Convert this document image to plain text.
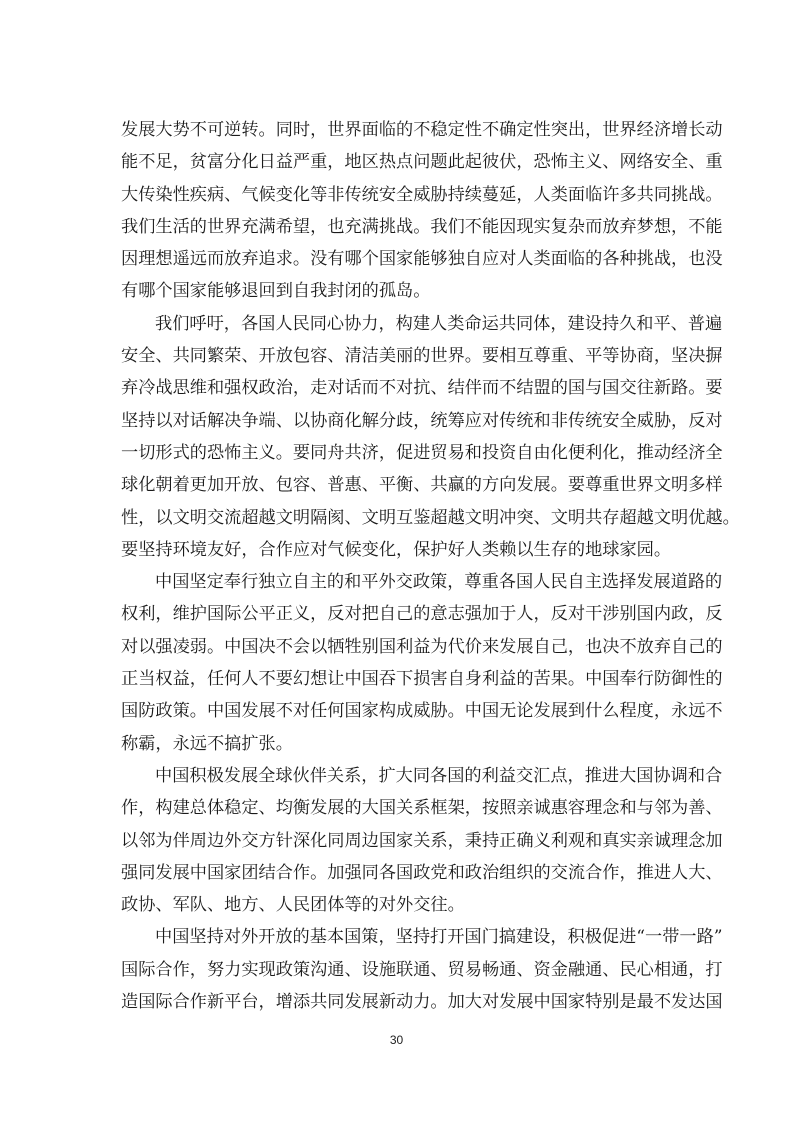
发展大势不可逆转。同时，世界面临的不稳定性不确定性突出，世界经济增长动
能不足，贫富分化日益严重，地区热点问题此起彼伏，恐怖主义、网络安全、重
大传染性疾病、气候变化等非传统安全威胁持续蔓延，人类面临许多共同挑战。
我们生活的世界充满希望，也充满挑战。我们不能因现实复杂而放弃梦想，不能
因理想遥远而放弃追求。没有哪个国家能够独自应对人类面临的各种挑战，也没
有哪个国家能够退回到自我封闭的孤岛。
我们呼吁，各国人民同心协力，构建人类命运共同体，建设持久和平、普遍
安全、共同繁荣、开放包容、清洁美丽的世界。要相互尊重、平等协商，坚决摒
弃冷战思维和强权政治，走对话而不对抗、结伴而不结盟的国与国交往新路。要
坚持以对话解决争端、以协商化解分歧，统筹应对传统和非传统安全威胁，反对
一切形式的恐怖主义。要同舟共济，促进贸易和投资自由化便利化，推动经济全
球化朝着更加开放、包容、普惠、平衡、共赢的方向发展。要尊重世界文明多样
性，以文明交流超越文明隔阂、文明互鉴超越文明冲突、文明共存超越文明优越。
要坚持环境友好，合作应对气候变化，保护好人类赖以生存的地球家园。
中国坚定奉行独立自主的和平外交政策，尊重各国人民自主选择发展道路的
权利，维护国际公平正义，反对把自己的意志强加于人，反对干涉别国内政，反
对以强凌弱。中国决不会以牺牲别国利益为代价来发展自己，也决不放弃自己的
正当权益，任何人不要幻想让中国吞下损害自身利益的苦果。中国奉行防御性的
国防政策。中国发展不对任何国家构成威胁。中国无论发展到什么程度，永远不
称霸，永远不搞扩张。
中国积极发展全球伙伴关系，扩大同各国的利益交汇点，推进大国协调和合
作，构建总体稳定、均衡发展的大国关系框架，按照亲诚惠容理念和与邻为善、
以邻为伴周边外交方针深化同周边国家关系，秉持正确义利观和真实亲诚理念加
强同发展中国家团结合作。加强同各国政党和政治组织的交流合作，推进人大、
政协、军队、地方、人民团体等的对外交往。
中国坚持对外开放的基本国策，坚持打开国门搞建设，积极促进“一带一路”
国际合作，努力实现政策沟通、设施联通、贸易畅通、资金融通、民心相通，打
造国际合作新平台，增添共同发展新动力。加大对发展中国家特别是最不发达国
30
